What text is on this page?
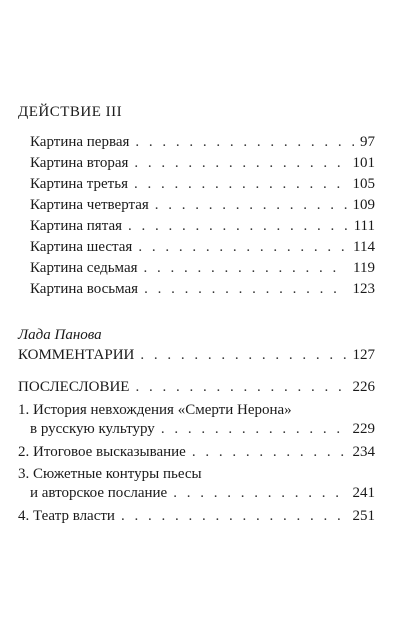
ДЕЙСТВИЕ III
Картина первая . . .	97
Картина вторая . . .	101
Картина третья . . .	105
Картина четвертая . . .	109
Картина пятая . . .	111
Картина шестая . . .	114
Картина седьмая . . .	119
Картина восьмая . . .	123
Лада Панова
КОММЕНТАРИИ . . .	127
ПОСЛЕСЛОВИЕ . . .	226
1. История невхождения «Смерти Нерона»
в русскую культуру . . .	229
2. Итоговое высказывание . . .	234
3. Сюжетные контуры пьесы
и авторское послание . . .	241
4. Театр власти . . .	251
